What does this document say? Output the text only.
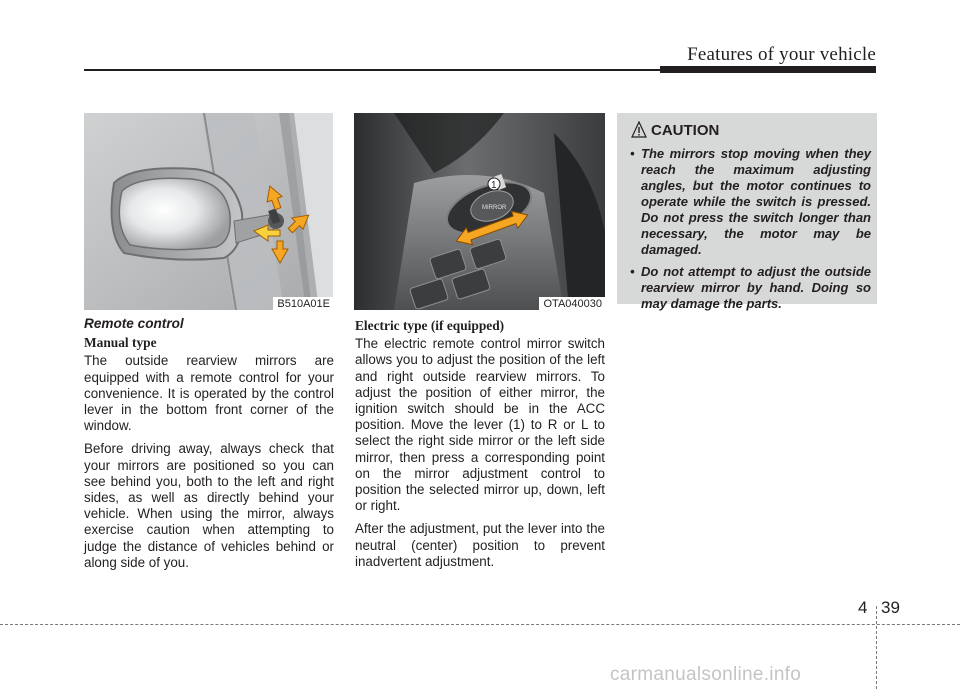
Features of your vehicle
B510A01E
MIRROR
1
OTA040030
CAUTION
• The mirrors stop moving when they reach the maximum adjusting angles, but the motor continues to operate while the switch is pressed. Do not press the switch longer than necessary, the motor may be damaged.
• Do not attempt to adjust the outside rearview mirror by hand. Doing so may damage the parts.
Remote control
Manual type

The outside rearview mirrors are equipped with a remote control for your convenience. It is operated by the control lever in the bottom front corner of the window.

Before driving away, always check that your mirrors are positioned so you can see behind you, both to the left and right sides, as well as directly behind your vehicle. When using the mirror, always exercise caution when attempting to judge the distance of vehicles behind or along side of you.

Electric type (if equipped)

The electric remote control mirror switch allows you to adjust the position of the left and right outside rearview mirrors. To adjust the position of either mirror, the ignition switch should be in the ACC position. Move the lever (1) to R or L to select the right side mirror or the left side mirror, then press a corresponding point on the mirror adjustment control to position the selected mirror up, down, left or right.

After the adjustment, put the lever into the neutral (center) position to prevent inadvertent adjustment.

4 39
carmanualsonline.info
